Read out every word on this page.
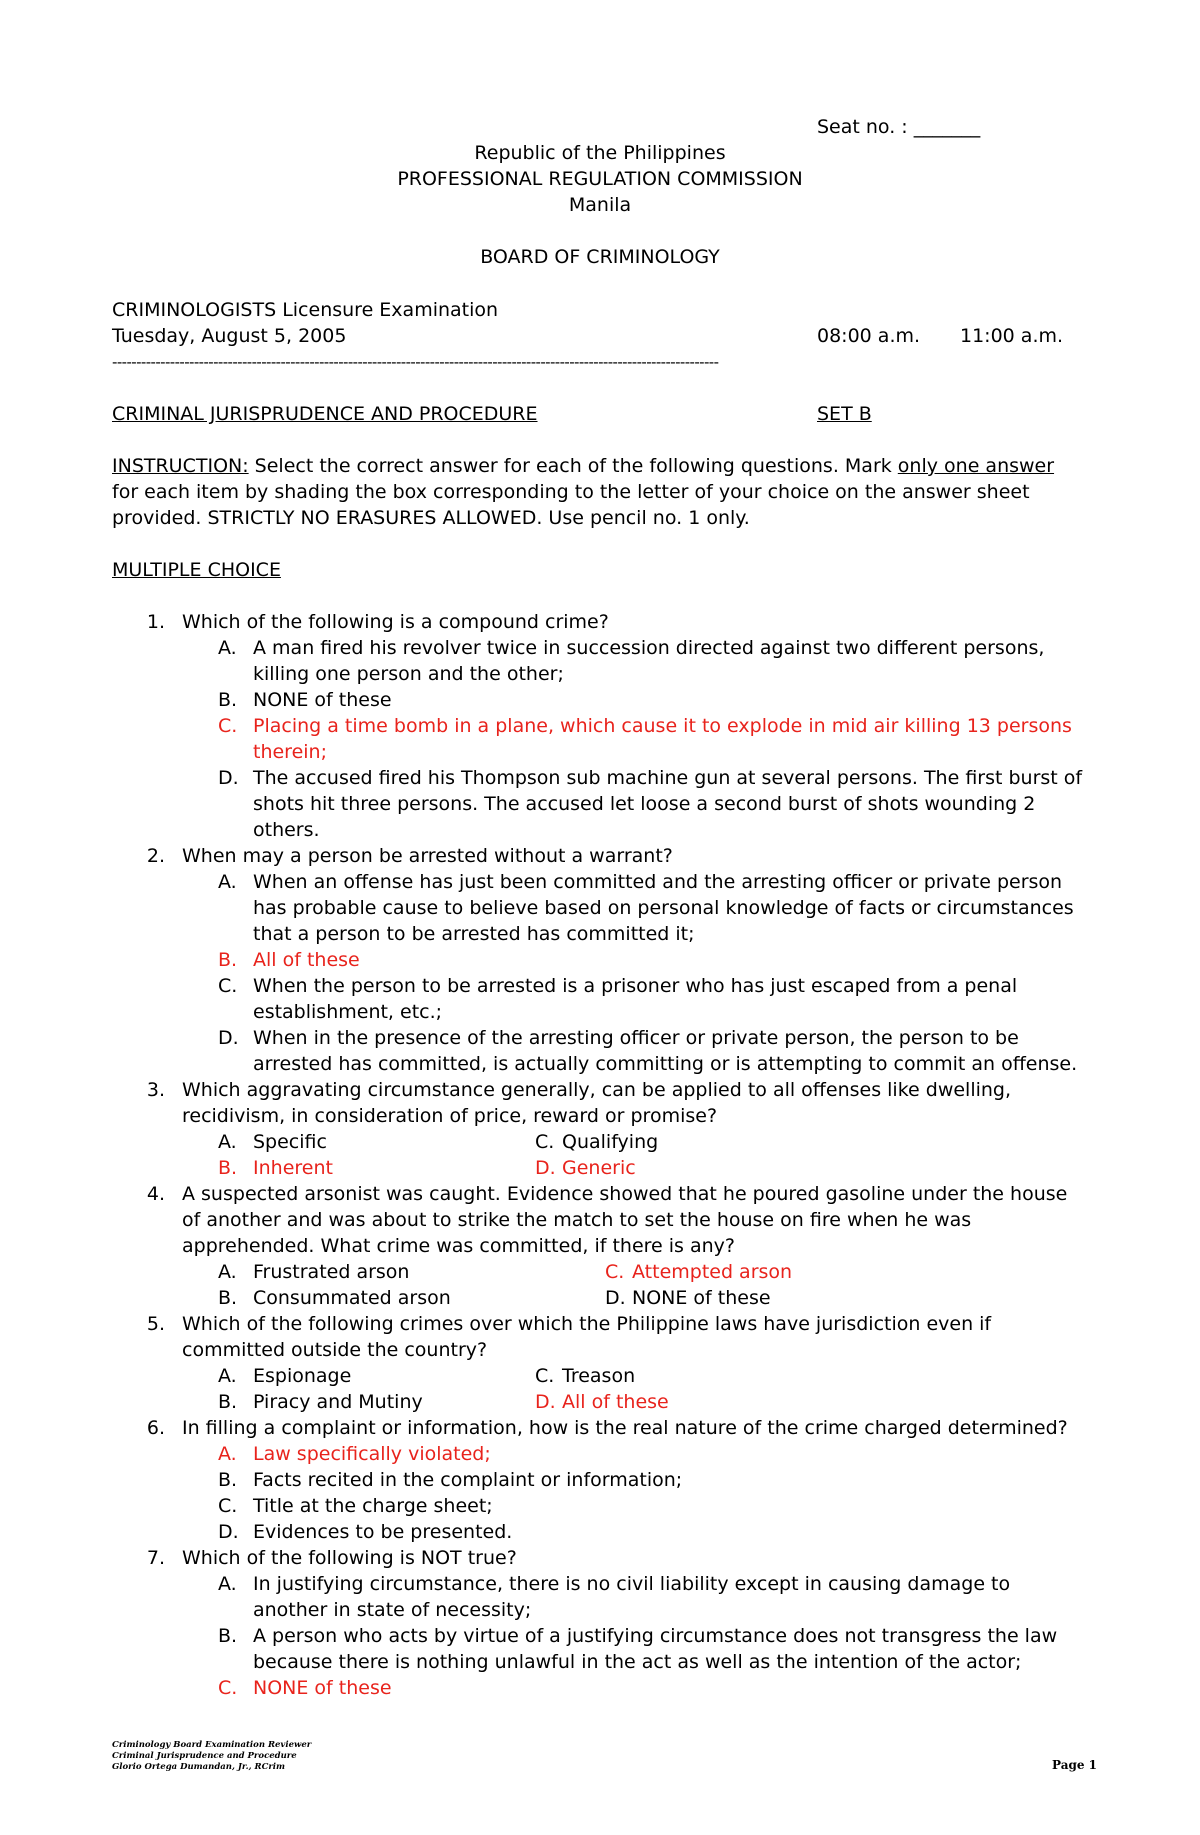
Seat no. : _______
Republic of the Philippines
PROFESSIONAL REGULATION COMMISSION
Manila
BOARD OF CRIMINOLOGY
CRIMINOLOGISTS Licensure Examination
Tuesday, August 5, 2005	08:00 a.m. 11:00 a.m.
------------------------------------------------------------------------------------------------------------------------------
CRIMINAL JURISPRUDENCE AND PROCEDURE	SET B
INSTRUCTION: Select the correct answer for each of the following questions. Mark only one answer
for each item by shading the box corresponding to the letter of your choice on the answer sheet
provided. STRICTLY NO ERASURES ALLOWED. Use pencil no. 1 only.
MULTIPLE CHOICE
1. Which of the following is a compound crime?
A. A man fired his revolver twice in succession directed against two different persons,
killing one person and the other;
B. NONE of these
C. Placing a time bomb in a plane, which cause it to explode in mid air killing 13 persons
therein;
D. The accused fired his Thompson sub machine gun at several persons. The first burst of
shots hit three persons. The accused let loose a second burst of shots wounding 2
others.
2. When may a person be arrested without a warrant?
A. When an offense has just been committed and the arresting officer or private person
has probable cause to believe based on personal knowledge of facts or circumstances
that a person to be arrested has committed it;
B. All of these
C. When the person to be arrested is a prisoner who has just escaped from a penal
establishment, etc.;
D. When in the presence of the arresting officer or private person, the person to be
arrested has committed, is actually committing or is attempting to commit an offense.
3. Which aggravating circumstance generally, can be applied to all offenses like dwelling,
recidivism, in consideration of price, reward or promise?
A. Specific	C. Qualifying
B. Inherent	D. Generic
4. A suspected arsonist was caught. Evidence showed that he poured gasoline under the house
of another and was about to strike the match to set the house on fire when he was
apprehended. What crime was committed, if there is any?
A. Frustrated arson	C. Attempted arson
B. Consummated arson	D. NONE of these
5. Which of the following crimes over which the Philippine laws have jurisdiction even if
committed outside the country?
A. Espionage	C. Treason
B. Piracy and Mutiny	D. All of these
6. In filling a complaint or information, how is the real nature of the crime charged determined?
A. Law specifically violated;
B. Facts recited in the complaint or information;
C. Title at the charge sheet;
D. Evidences to be presented.
7. Which of the following is NOT true?
A. In justifying circumstance, there is no civil liability except in causing damage to
another in state of necessity;
B. A person who acts by virtue of a justifying circumstance does not transgress the law
because there is nothing unlawful in the act as well as the intention of the actor;
C. NONE of these
Criminology Board Examination Reviewer
Criminal Jurisprudence and Procedure
Glorio Ortega Dumandan, Jr., RCrim	Page 1
